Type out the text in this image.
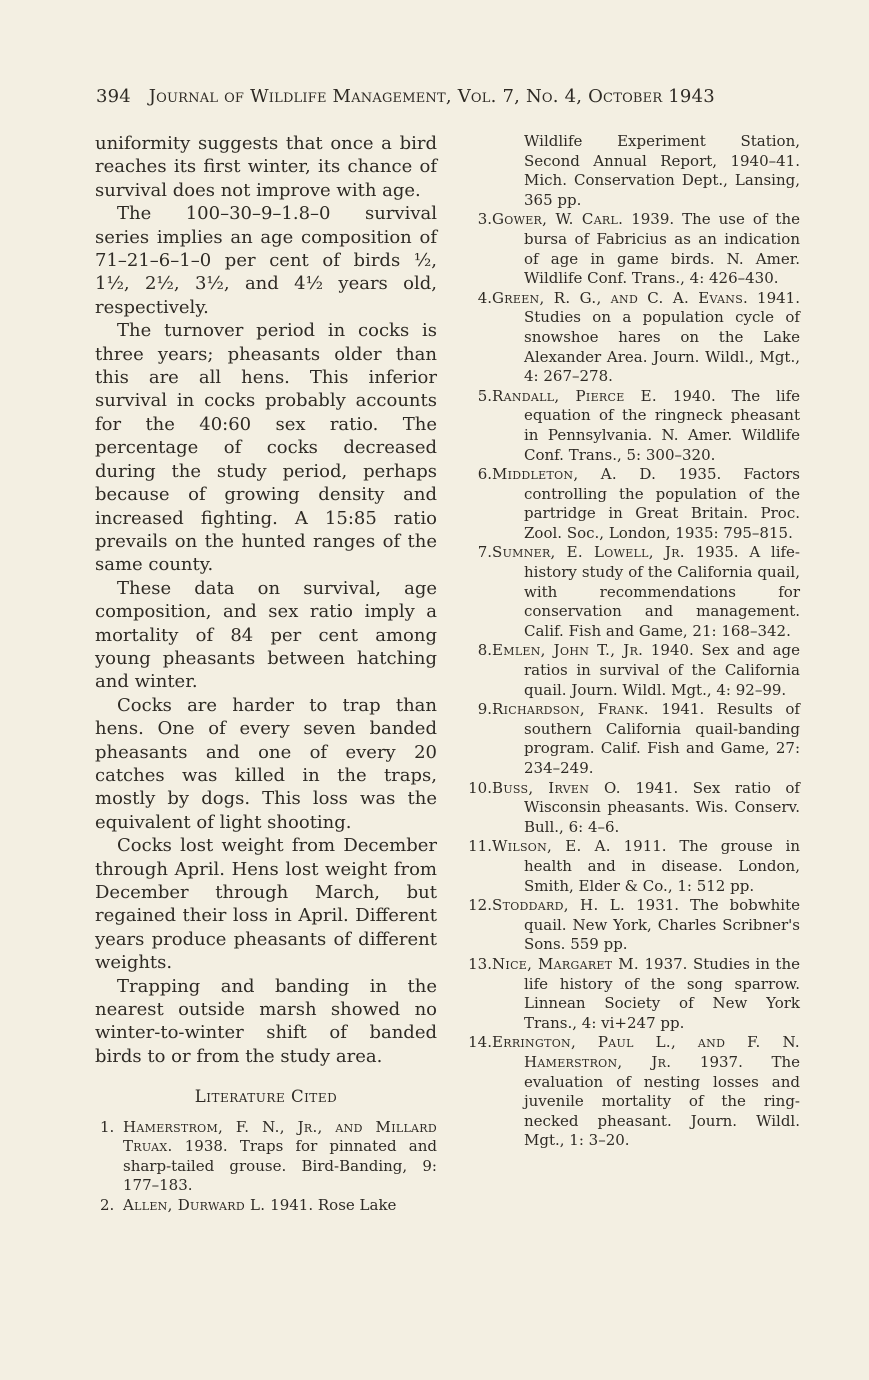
394 Journal of Wildlife Management, Vol. 7, No. 4, October 1943

uniformity suggests that once a bird reaches its first winter, its chance of survival does not improve with age.

The 100–30–9–1.8–0 survival series implies an age composition of 71–21–6–1–0 per cent of birds ½, 1½, 2½, 3½, and 4½ years old, respectively.

The turnover period in cocks is three years; pheasants older than this are all hens. This inferior survival in cocks probably accounts for the 40:60 sex ratio. The percentage of cocks decreased during the study period, perhaps because of growing density and increased fighting. A 15:85 ratio prevails on the hunted ranges of the same county.

These data on survival, age composition, and sex ratio imply a mortality of 84 per cent among young pheasants between hatching and winter.

Cocks are harder to trap than hens. One of every seven banded pheasants and one of every 20 catches was killed in the traps, mostly by dogs. This loss was the equivalent of light shooting.

Cocks lost weight from December through April. Hens lost weight from December through March, but regained their loss in April. Different years produce pheasants of different weights.

Trapping and banding in the nearest outside marsh showed no winter-to-winter shift of banded birds to or from the study area.

Literature Cited
1. Hamerstrom, F. N., Jr., and Millard Truax. 1938. Traps for pinnated and sharp-tailed grouse. Bird-Banding, 9: 177–183.
2. Allen, Durward L. 1941. Rose Lake
Wildlife Experiment Station, Second Annual Report, 1940–41. Mich. Conservation Dept., Lansing, 365 pp.
3. Gower, W. Carl. 1939. The use of the bursa of Fabricius as an indication of age in game birds. N. Amer. Wildlife Conf. Trans., 4: 426–430.
4. Green, R. G., and C. A. Evans. 1941. Studies on a population cycle of snowshoe hares on the Lake Alexander Area. Journ. Wildl., Mgt., 4: 267–278.
5. Randall, Pierce E. 1940. The life equation of the ringneck pheasant in Pennsylvania. N. Amer. Wildlife Conf. Trans., 5: 300–320.
6. Middleton, A. D. 1935. Factors controlling the population of the partridge in Great Britain. Proc. Zool. Soc., London, 1935: 795–815.
7. Sumner, E. Lowell, Jr. 1935. A life-history study of the California quail, with recommendations for conservation and management. Calif. Fish and Game, 21: 168–342.
8. Emlen, John T., Jr. 1940. Sex and age ratios in survival of the California quail. Journ. Wildl. Mgt., 4: 92–99.
9. Richardson, Frank. 1941. Results of southern California quail-banding program. Calif. Fish and Game, 27: 234–249.
10. Buss, Irven O. 1941. Sex ratio of Wisconsin pheasants. Wis. Conserv. Bull., 6: 4–6.
11. Wilson, E. A. 1911. The grouse in health and in disease. London, Smith, Elder & Co., 1: 512 pp.
12. Stoddard, H. L. 1931. The bobwhite quail. New York, Charles Scribner's Sons. 559 pp.
13. Nice, Margaret M. 1937. Studies in the life history of the song sparrow. Linnean Society of New York Trans., 4: vi+247 pp.
14. Errington, Paul L., and F. N. Hamerstron, Jr. 1937. The evaluation of nesting losses and juvenile mortality of the ring-necked pheasant. Journ. Wildl. Mgt., 1: 3–20.
